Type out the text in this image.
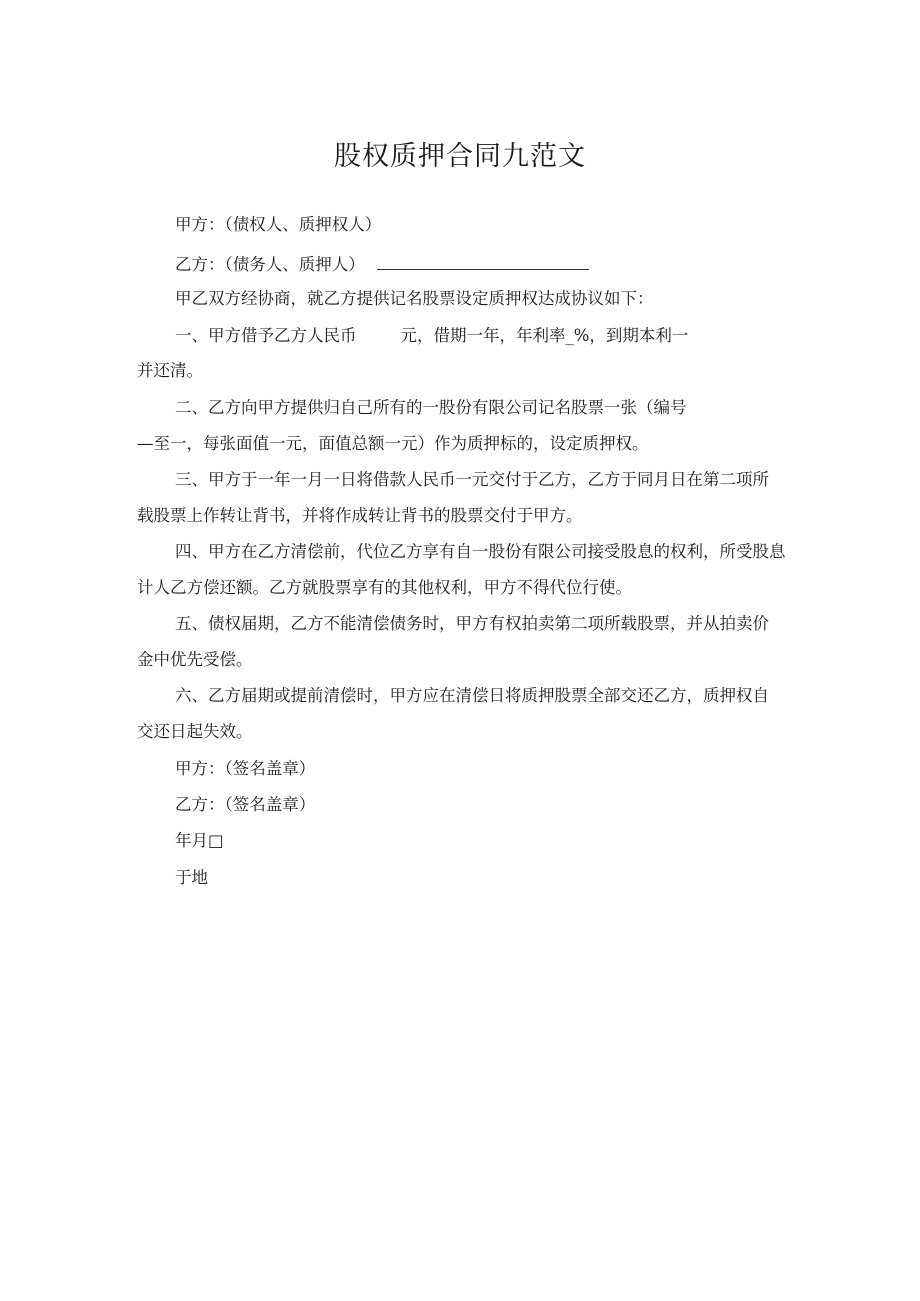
股权质押合同九范文

甲方：（债权人、质押权人）

乙方：（债务人、质押人）

甲乙双方经协商，就乙方提供记名股票设定质押权达成协议如下：

一、甲方借予乙方人民币	元，借期一年，年利率_%，到期本利一

并还清。

二、乙方向甲方提供归自己所有的一股份有限公司记名股票一张（编号

—至一，每张面值一元，面值总额一元）作为质押标的，设定质押权。

三、甲方于一年一月一日将借款人民币一元交付于乙方，乙方于同月日在第二项所

载股票上作转让背书，并将作成转让背书的股票交付于甲方。

四、甲方在乙方清偿前，代位乙方享有自一股份有限公司接受股息的权利，所受股息

计人乙方偿还额。乙方就股票享有的其他权利，甲方不得代位行使。

五、债权届期，乙方不能清偿债务时，甲方有权拍卖第二项所载股票，并从拍卖价

金中优先受偿。

六、乙方届期或提前清偿时，甲方应在清偿日将质押股票全部交还乙方，质押权自

交还日起失效。

甲方：（签名盖章）

乙方：（签名盖章）

年月□

于地
